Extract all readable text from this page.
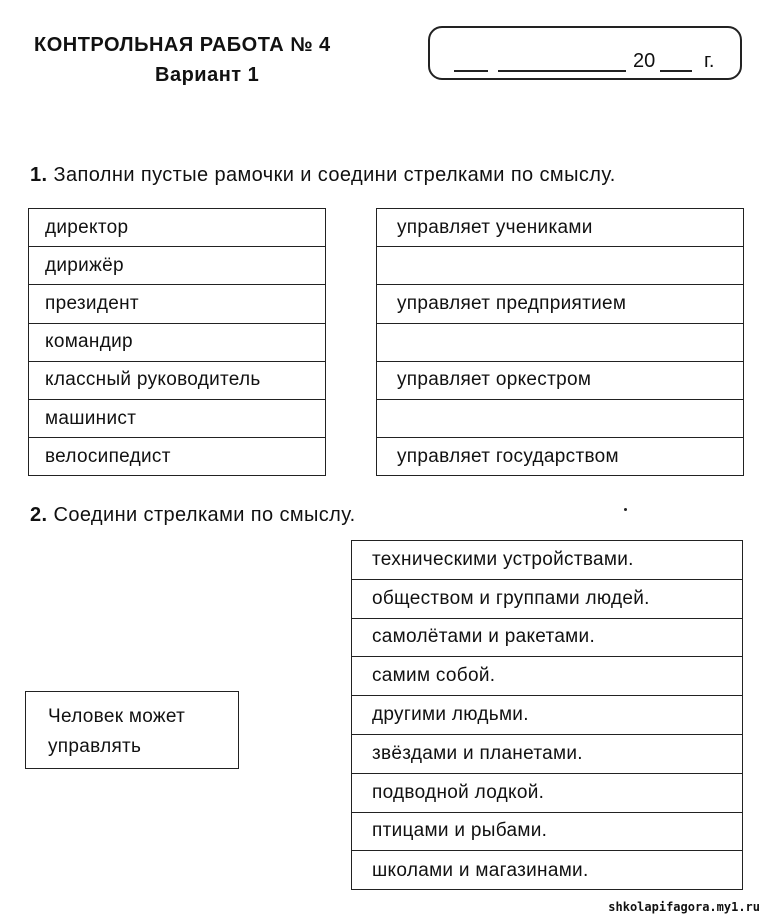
КОНТРОЛЬНАЯ РАБОТА № 4
Вариант 1
20 г.
1. Заполни пустые рамочки и соедини стрелками по смыслу.
директор
дирижёр
президент
командир
классный руководитель
машинист
велосипедист
управляет учениками
управляет предприятием
управляет оркестром
управляет государством
2. Соедини стрелками по смыслу.
Человек может управлять
техническими устройствами.
обществом и группами людей.
самолётами и ракетами.
самим собой.
другими людьми.
звёздами и планетами.
подводной лодкой.
птицами и рыбами.
школами и магазинами.
shkolapifagora.my1.ru
